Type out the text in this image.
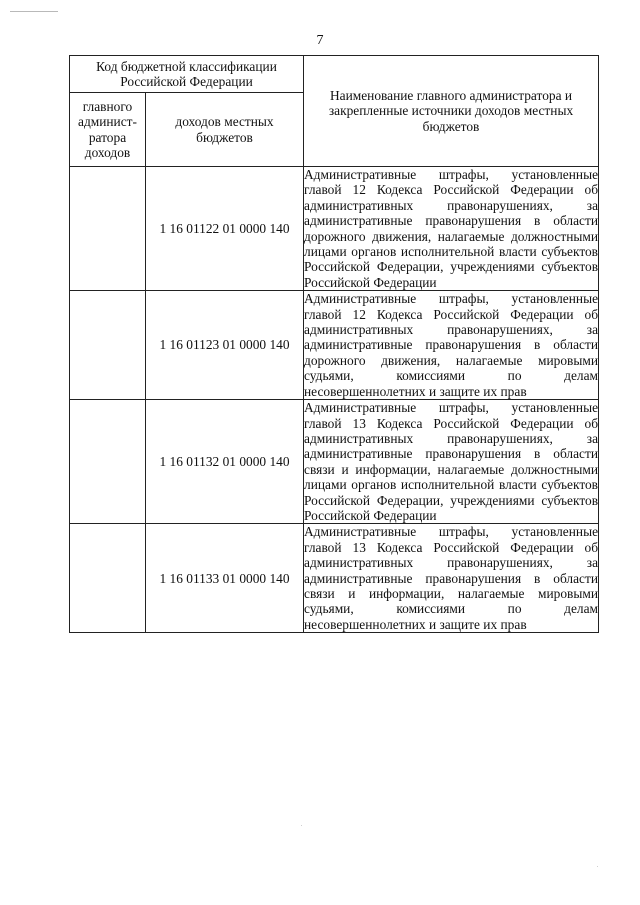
7
Код бюджетной классификации Российской Федерации		Наименование главного администратора и закрепленные источники доходов местных бюджетов
главного админист-ратора доходов	доходов местных бюджетов	
	1 16 01122 01 0000 140	Административные штрафы, установленные главой 12 Кодекса Российской Федерации об административных правонарушениях, за административные правонарушения в области дорожного движения, налагаемые должностными лицами органов исполнительной власти субъектов Российской Федерации, учреждениями субъектов Российской Федерации
	1 16 01123 01 0000 140	Административные штрафы, установленные главой 12 Кодекса Российской Федерации об административных правонарушениях, за административные правонарушения в области дорожного движения, налагаемые мировыми судьями, комиссиями по делам несовершеннолетних и защите их прав
	1 16 01132 01 0000 140	Административные штрафы, установленные главой 13 Кодекса Российской Федерации об административных правонарушениях, за административные правонарушения в области связи и информации, налагаемые должностными лицами органов исполнительной власти субъектов Российской Федерации, учреждениями субъектов Российской Федерации
	1 16 01133 01 0000 140	Административные штрафы, установленные главой 13 Кодекса Российской Федерации об административных правонарушениях, за административные правонарушения в области связи и информации, налагаемые мировыми судьями, комиссиями по делам несовершеннолетних и защите их прав
